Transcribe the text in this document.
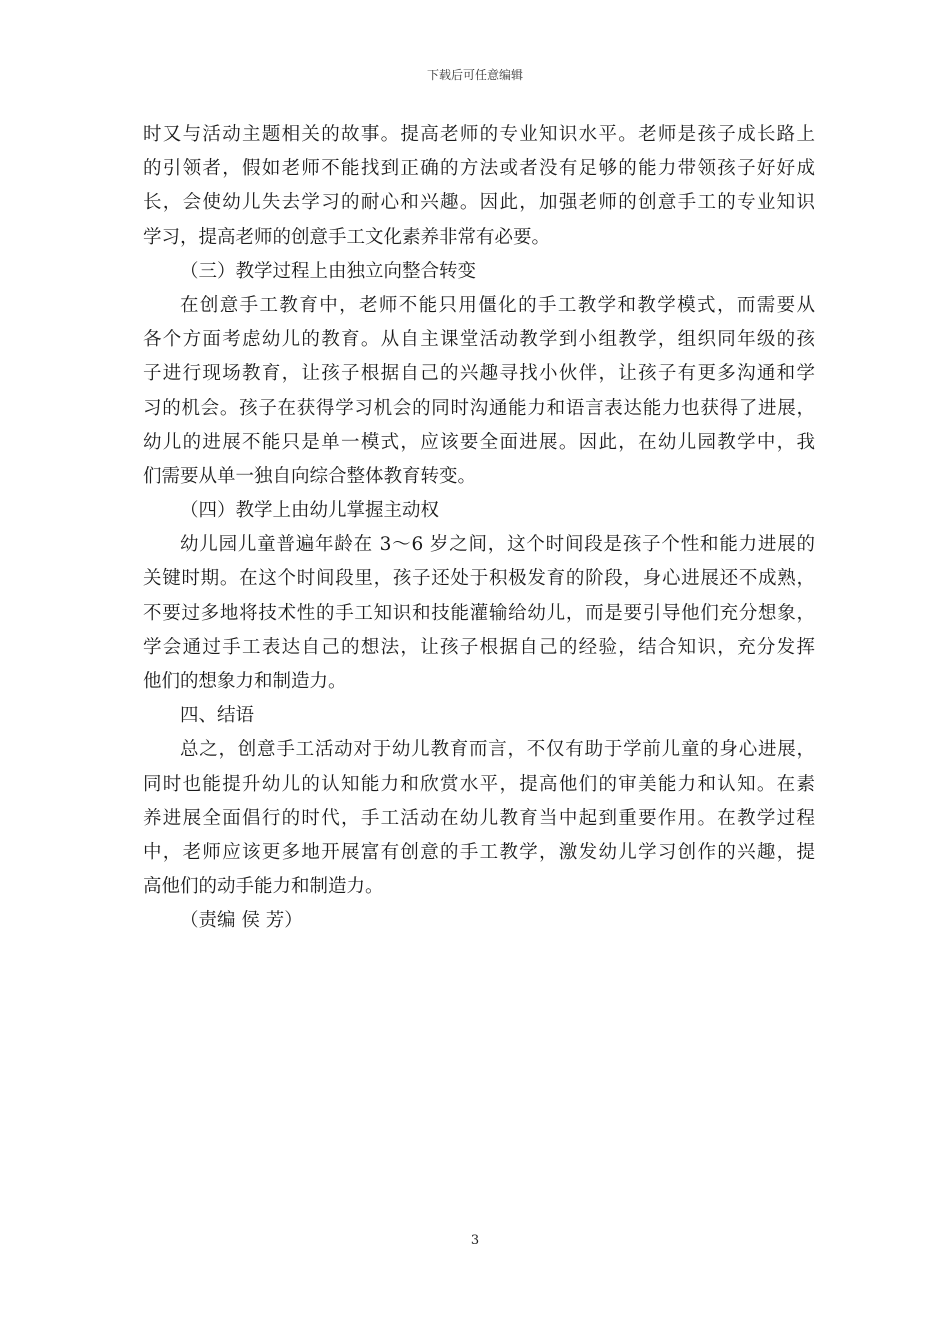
下载后可任意编辑
时又与活动主题相关的故事。提高老师的专业知识水平。老师是孩子成长路上
的引领者，假如老师不能找到正确的方法或者没有足够的能力带领孩子好好成
长，会使幼儿失去学习的耐心和兴趣。因此，加强老师的创意手工的专业知识
学习，提高老师的创意手工文化素养非常有必要。
（三）教学过程上由独立向整合转变
在创意手工教育中，老师不能只用僵化的手工教学和教学模式，而需要从
各个方面考虑幼儿的教育。从自主课堂活动教学到小组教学，组织同年级的孩
子进行现场教育，让孩子根据自己的兴趣寻找小伙伴，让孩子有更多沟通和学
习的机会。孩子在获得学习机会的同时沟通能力和语言表达能力也获得了进展，
幼儿的进展不能只是单一模式，应该要全面进展。因此，在幼儿园教学中，我
们需要从单一独自向综合整体教育转变。
（四）教学上由幼儿掌握主动权
幼儿园儿童普遍年龄在 3～6 岁之间，这个时间段是孩子个性和能力进展的
关键时期。在这个时间段里，孩子还处于积极发育的阶段，身心进展还不成熟，
不要过多地将技术性的手工知识和技能灌输给幼儿，而是要引导他们充分想象，
学会通过手工表达自己的想法，让孩子根据自己的经验，结合知识，充分发挥
他们的想象力和制造力。
四、结语
总之，创意手工活动对于幼儿教育而言，不仅有助于学前儿童的身心进展，
同时也能提升幼儿的认知能力和欣赏水平，提高他们的审美能力和认知。在素
养进展全面倡行的时代，手工活动在幼儿教育当中起到重要作用。在教学过程
中，老师应该更多地开展富有创意的手工教学，激发幼儿学习创作的兴趣，提
高他们的动手能力和制造力。
（责编 侯 芳）
3
